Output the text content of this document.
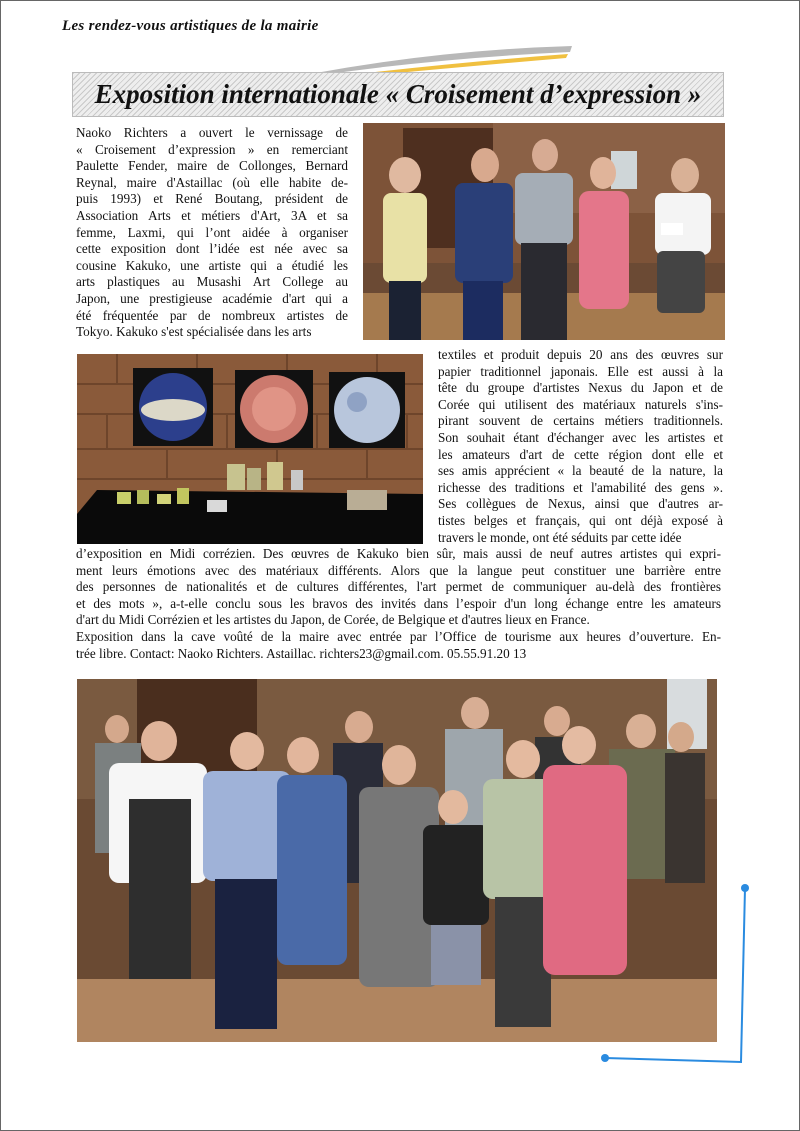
Les rendez-vous artistiques de la mairie
Exposition internationale « Croisement d’expression »
Naoko Richters a ouvert le vernissage de
« Croisement d’expression » en remerciant
Paulette Fender, maire de Collonges, Bernard
Reynal, maire d'Astaillac (où elle habite de-
puis 1993) et René Boutang, président de
Association Arts et métiers d'Art, 3A et sa
femme, Laxmi, qui l’ont aidée à organiser
cette exposition dont l’idée est née avec sa
cousine Kakuko, une artiste qui a étudié les
arts plastiques au Musashi Art College au
Japon, une prestigieuse académie d'art qui a
été fréquentée par de nombreux artistes de
Tokyo. Kakuko s'est spécialisée dans les arts
textiles et produit depuis 20 ans des œuvres sur
papier traditionnel japonais. Elle est aussi à la
tête du groupe d'artistes Nexus du Japon et de
Corée qui utilisent des matériaux naturels s'ins-
pirant souvent de certains métiers traditionnels.
Son souhait étant d'échanger avec les artistes et
les amateurs d'art de cette région dont elle et
ses amis apprécient « la beauté de la nature, la
richesse des traditions et l'amabilité des gens ».
Ses collègues de Nexus, ainsi que d'autres ar-
tistes belges et français, qui ont déjà exposé à
travers le monde, ont été séduits par cette idée
d’exposition en Midi corrézien. Des œuvres de Kakuko bien sûr, mais aussi de neuf autres artistes qui expri-
ment leurs émotions avec des matériaux différents. Alors que la langue peut constituer une barrière entre
des personnes de nationalités et de cultures différentes, l'art permet de communiquer au-delà des frontières
et des mots », a-t-elle conclu sous les bravos des invités dans l’espoir d'un long échange entre les amateurs
d'art du Midi Corrézien et les artistes du Japon, de Corée, de Belgique et d'autres lieux en France.
Exposition dans la cave voûté de la maire avec entrée par l’Office de tourisme aux heures d’ouverture. En-
trée libre. Contact: Naoko Richters. Astaillac. richters23@gmail.com. 05.55.91.20 13
